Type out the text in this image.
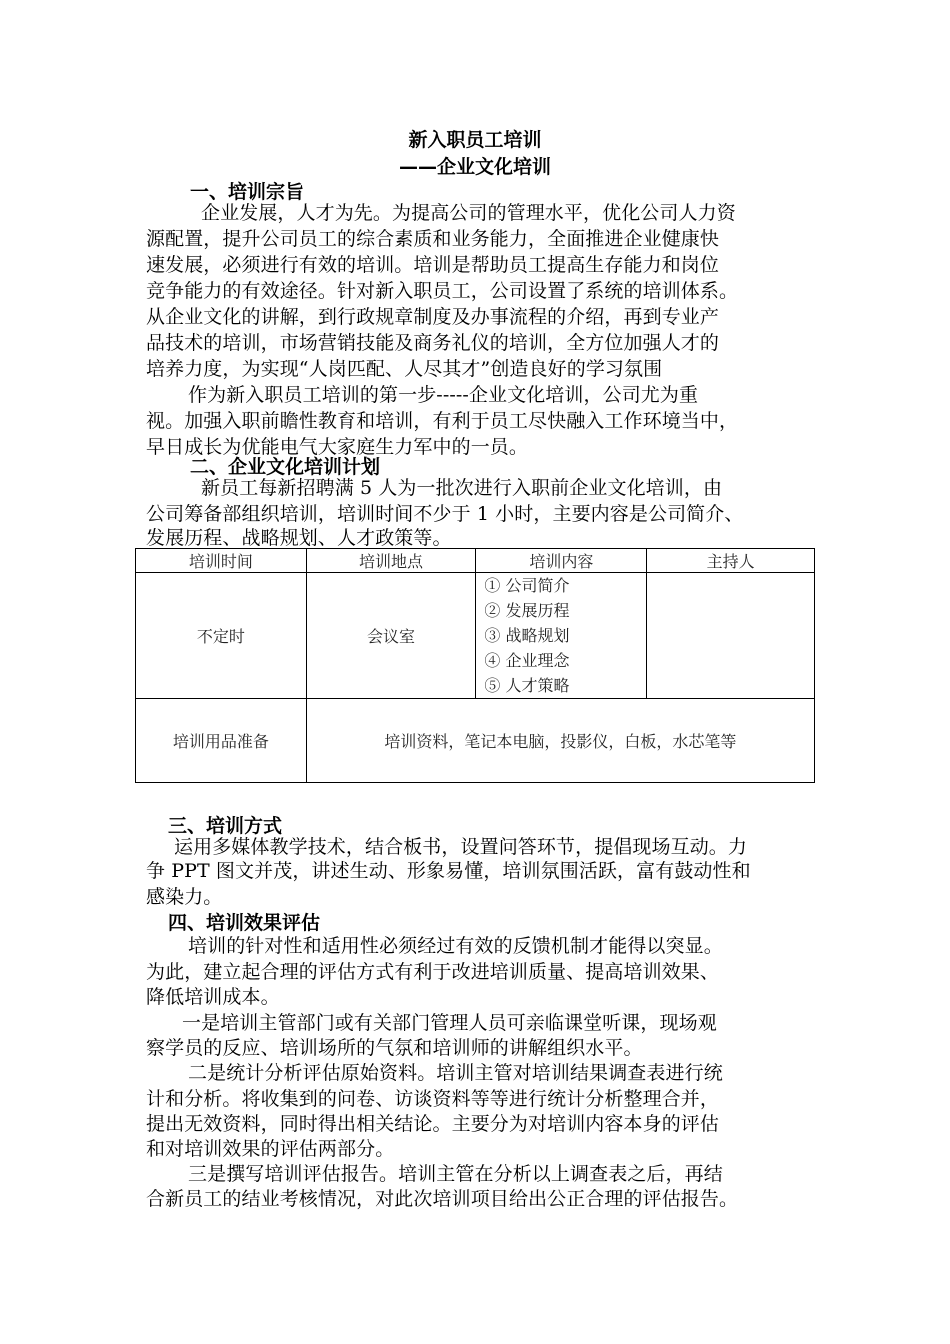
新入职员工培训
——企业文化培训
一、培训宗旨
企业发展，人才为先。为提高公司的管理水平，优化公司人力资
源配置，提升公司员工的综合素质和业务能力，全面推进企业健康快
速发展，必须进行有效的培训。培训是帮助员工提高生存能力和岗位
竞争能力的有效途径。针对新入职员工，公司设置了系统的培训体系。
从企业文化的讲解，到行政规章制度及办事流程的介绍，再到专业产
品技术的培训，市场营销技能及商务礼仪的培训，全方位加强人才的
培养力度，为实现“人岗匹配、人尽其才”创造良好的学习氛围
作为新入职员工培训的第一步-----企业文化培训，公司尤为重
视。加强入职前瞻性教育和培训，有利于员工尽快融入工作环境当中，
早日成长为优能电气大家庭生力军中的一员。
二、企业文化培训计划
新员工每新招聘满 5 人为一批次进行入职前企业文化培训，由
公司筹备部组织培训，培训时间不少于 1 小时，主要内容是公司简介、
发展历程、战略规划、人才政策等。
培训时间	培训地点	培训内容	主持人
不定时	会议室	① 公司简介
② 发展历程
③ 战略规划
④ 企业理念
⑤ 人才策略	

培训用品准备	培训资料，笔记本电脑，投影仪，白板，水芯笔等		
三、培训方式
运用多媒体教学技术，结合板书，设置问答环节，提倡现场互动。力
争 PPT 图文并茂，讲述生动、形象易懂，培训氛围活跃，富有鼓动性和
感染力。
四、培训效果评估
培训的针对性和适用性必须经过有效的反馈机制才能得以突显。
为此，建立起合理的评估方式有利于改进培训质量、提高培训效果、
降低培训成本。
一是培训主管部门或有关部门管理人员可亲临课堂听课，现场观
察学员的反应、培训场所的气氛和培训师的讲解组织水平。
二是统计分析评估原始资料。培训主管对培训结果调查表进行统
计和分析。将收集到的问卷、访谈资料等等进行统计分析整理合并，
提出无效资料，同时得出相关结论。主要分为对培训内容本身的评估
和对培训效果的评估两部分。
三是撰写培训评估报告。培训主管在分析以上调查表之后，再结
合新员工的结业考核情况，对此次培训项目给出公正合理的评估报告。
